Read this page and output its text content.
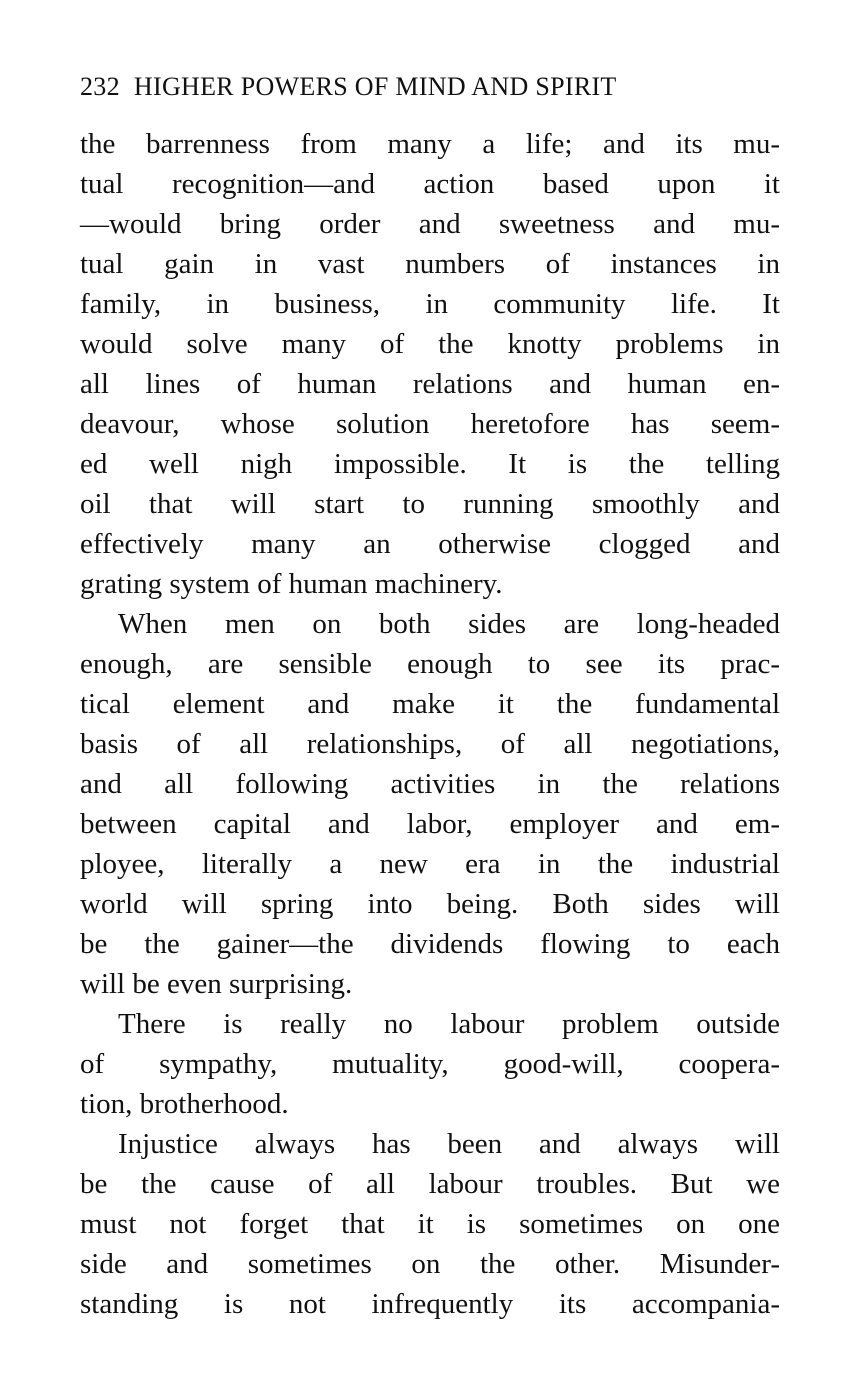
232 HIGHER POWERS OF MIND AND SPIRIT
the barrenness from many a life; and its mu-
tual recognition—and action based upon it
—would bring order and sweetness and mu-
tual gain in vast numbers of instances in
family, in business, in community life. It
would solve many of the knotty problems in
all lines of human relations and human en-
deavour, whose solution heretofore has seem-
ed well nigh impossible. It is the telling
oil that will start to running smoothly and
effectively many an otherwise clogged and
grating system of human machinery.
When men on both sides are long-headed
enough, are sensible enough to see its prac-
tical element and make it the fundamental
basis of all relationships, of all negotiations,
and all following activities in the relations
between capital and labor, employer and em-
ployee, literally a new era in the industrial
world will spring into being. Both sides will
be the gainer—the dividends flowing to each
will be even surprising.
There is really no labour problem outside
of sympathy, mutuality, good-will, coopera-
tion, brotherhood.
Injustice always has been and always will
be the cause of all labour troubles. But we
must not forget that it is sometimes on one
side and sometimes on the other. Misunder-
standing is not infrequently its accompania-
